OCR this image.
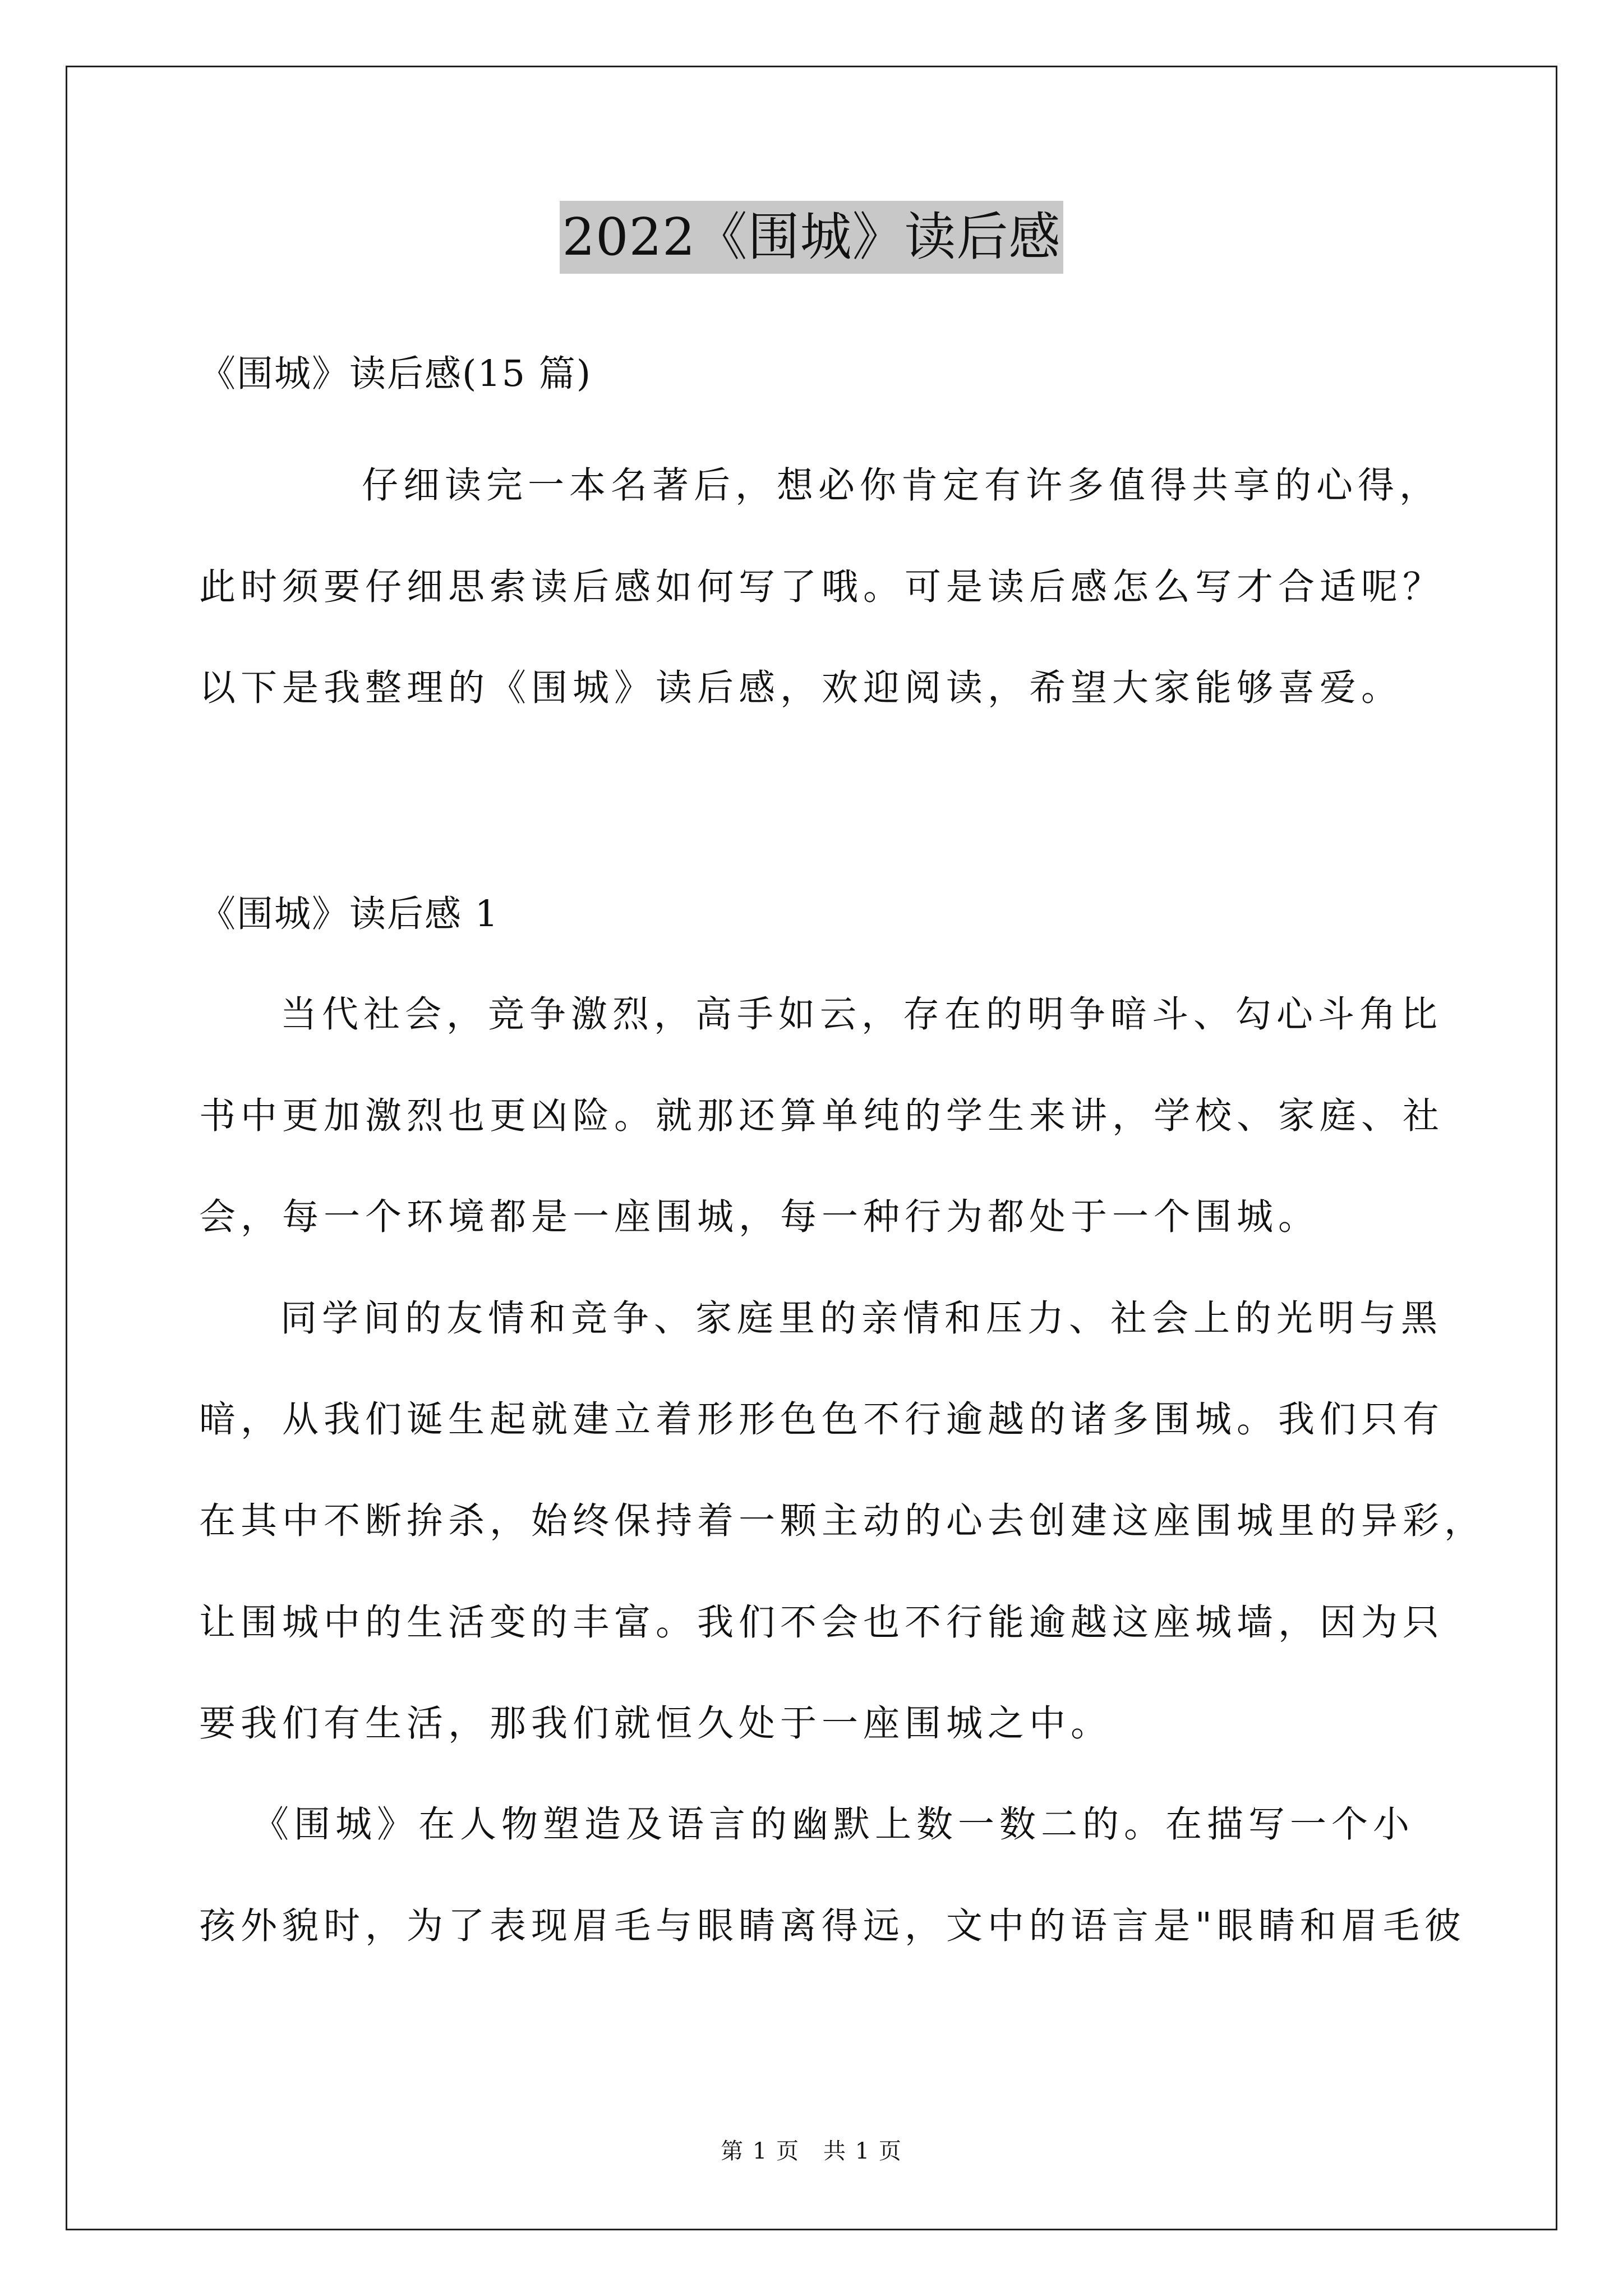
2022《围城》读后感
《围城》读后感(15 篇)
仔细读完一本名著后，想必你肯定有许多值得共享的心得，
此时须要仔细思索读后感如何写了哦。可是读后感怎么写才合适呢？
以下是我整理的《围城》读后感，欢迎阅读，希望大家能够喜爱。
《围城》读后感 1
当代社会，竞争激烈，高手如云，存在的明争暗斗、勾心斗角比
书中更加激烈也更凶险。就那还算单纯的学生来讲，学校、家庭、社
会，每一个环境都是一座围城，每一种行为都处于一个围城。
同学间的友情和竞争、家庭里的亲情和压力、社会上的光明与黑
暗，从我们诞生起就建立着形形色色不行逾越的诸多围城。我们只有
在其中不断拚杀，始终保持着一颗主动的心去创建这座围城里的异彩，
让围城中的生活变的丰富。我们不会也不行能逾越这座城墙，因为只
要我们有生活，那我们就恒久处于一座围城之中。
《围城》在人物塑造及语言的幽默上数一数二的。在描写一个小
孩外貌时，为了表现眉毛与眼睛离得远，文中的语言是"眼睛和眉毛彼
第 1 页　共 1 页
